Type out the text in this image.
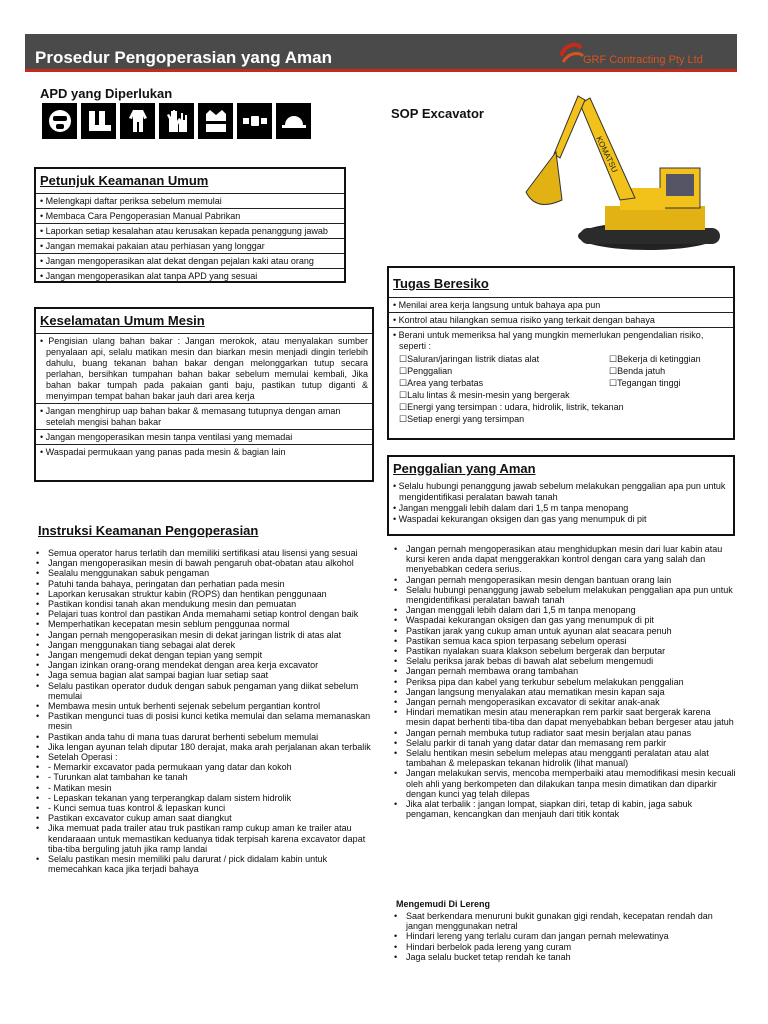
Prosedur Pengoperasian yang Aman	GRF Contracting Pty Ltd
APD yang Diperlukan
SOP Excavator
KOMATSU
Petunjuk Keamanan Umum
• Melengkapi daftar periksa sebelum memulai
• Membaca Cara Pengoperasian Manual Pabrikan
• Laporkan setiap kesalahan atau kerusakan kepada penanggung jawab
• Jangan memakai pakaian atau perhiasan yang longgar
• Jangan mengoperasikan alat dekat dengan pejalan kaki atau orang
• Jangan mengoperasikan alat tanpa APD yang sesuai
Keselamatan Umum Mesin
• Pengisian ulang bahan bakar : Jangan merokok, atau menyalakan sumber penyalaan api, selalu matikan mesin dan biarkan mesin menjadi dingin terlebih dahulu, buang tekanan bahan bakar dengan melonggarkan tutup secara perlahan, bersihkan tumpahan bahan bakar sebelum memulai kembali, Jika bahan bakar tumpah pada pakaian ganti baju, pastikan tutup diganti & menyimpan tempat bahan bakar jauh dari area kerja
• Jangan menghirup uap bahan bakar & memasang tutupnya dengan aman setelah mengisi bahan bakar
• Jangan mengoperasikan mesin tanpa ventilasi yang memadai
• Waspadai permukaan yang panas pada mesin & bagian lain
Tugas Beresiko
• Menilai area kerja langsung untuk bahaya apa pun
• Kontrol atau hilangkan semua risiko yang terkait dengan bahaya
• Berani untuk memeriksa hal yang mungkin memerlukan pengendalian risiko, seperti :
☐ Saluran/jaringan listrik diatas alat	☐ Bekerja di ketinggian
☐ Penggalian	☐ Benda jatuh
☐ Area yang terbatas	☐ Tegangan tinggi
☐ Lalu lintas & mesin-mesin yang bergerak
☐ Energi yang tersimpan : udara, hidrolik, listrik, tekanan
☐ Setiap energi yang tersimpan
Penggalian yang Aman
• Selalu hubungi penanggung jawab sebelum melakukan penggalian apa pun untuk mengidentifikasi peralatan bawah tanah
• Jangan menggali lebih dalam dari 1,5 m tanpa menopang
• Waspadai kekurangan oksigen dan gas yang menumpuk di pit
Instruksi Keamanan Pengoperasian
• Semua operator harus terlatih dan memiliki sertifikasi atau lisensi yang sesuai
• Jangan mengoperasikan mesin di bawah pengaruh obat-obatan atau alkohol
• Sealalu menggunakan sabuk pengaman
• Patuhi tanda bahaya, peringatan dan perhatian pada mesin
• Laporkan kerusakan struktur kabin (ROPS) dan hentikan penggunaan
• Pastikan kondisi tanah akan mendukung mesin dan pemuatan
• Pelajari tuas kontrol dan pastikan Anda memahami setiap kontrol dengan baik
• Memperhatikan kecepatan mesin seblum penggunaa normal
• Jangan pernah mengoperasikan mesin di dekat jaringan listrik di atas alat
• Jangan menggunakan tiang sebagai alat derek
• Jangan mengemudi dekat dengan tepian yang sempit
• Jangan izinkan orang-orang mendekat dengan area kerja excavator
• Jaga semua bagian alat sampai bagian luar setiap saat
• Selalu pastikan operator duduk dengan sabuk pengaman yang diikat sebelum memulai
• Membawa mesin untuk berhenti sejenak sebelum pergantian kontrol
• Pastikan mengunci tuas di posisi kunci ketika memulai dan selama memanaskan mesin
• Pastikan anda tahu di mana tuas darurat berhenti sebelum memulai
• Jika lengan ayunan telah diputar 180 derajat, maka arah perjalanan akan terbalik
• Setelah Operasi :
• - Memarkir excavator pada permukaan yang datar dan kokoh
• - Turunkan alat tambahan ke tanah
• - Matikan mesin
• - Lepaskan tekanan yang terperangkap dalam sistem hidrolik
• - Kunci semua tuas kontrol & lepaskan kunci
• Pastikan excavator cukup aman saat diangkut
• Jika memuat pada trailer atau truk pastikan ramp cukup aman ke trailer atau kendaraaan untuk memastikan keduanya tidak terpisah karena excavator dapat tiba-tiba berguling jatuh jika ramp landai
• Selalu pastikan mesin memiliki palu darurat / pick didalam kabin untuk memecahkan kaca jika terjadi bahaya
• Jangan pernah mengoperasikan atau menghidupkan mesin dari luar kabin atau kursi keren anda dapat menggerakkan kontrol dengan cara yang salah dan menyebabkan cedera serius.
• Jangan pernah mengoperasikan mesin dengan bantuan orang lain
• Selalu hubungi penanggung jawab sebelum melakukan penggalian apa pun untuk mengidentifikasi peralatan bawah tanah
• Jangan menggali lebih dalam dari 1,5 m tanpa menopang
• Waspadai kekurangan oksigen dan gas yang menumpuk di pit
• Pastikan jarak yang cukup aman untuk ayunan alat seacara penuh
• Pastikan semua kaca spion terpasang sebelum operasi
• Pastikan nyalakan suara klakson sebelum bergerak dan berputar
• Selalu periksa jarak bebas di bawah alat sebelum mengemudi
• Jangan pernah membawa orang tambahan
• Periksa pipa dan kabel yang terkubur sebelum melakukan penggalian
• Jangan langsung menyalakan atau mematikan mesin kapan saja
• Jangan pernah mengoperasikan excavator di sekitar anak-anak
• Hindari mematikan mesin atau menerapkan rem parkir saat bergerak karena mesin dapat berhenti tiba-tiba dan dapat menyebabkan beban bergeser atau jatuh
• Jangan pernah membuka tutup radiator saat mesin berjalan atau panas
• Selalu parkir di tanah yang datar datar dan memasang rem parkir
• Selalu hentikan mesin sebelum melepas atau mengganti peralatan atau alat tambahan & melepaskan tekanan hidrolik (lihat manual)
• Jangan melakukan servis, mencoba memperbaiki atau memodifikasi mesin kecuali oleh ahli yang berkompeten dan dilakukan tanpa mesin dimatikan dan diparkir dengan kunci yag telah dilepas
• Jika alat terbalik : jangan lompat, siapkan diri, tetap di kabin, jaga sabuk pengaman, kencangkan dan menjauh dari titik kontak
Mengemudi Di Lereng
• Saat berkendara menuruni bukit gunakan gigi rendah, kecepatan rendah dan jangan menggunakan netral
• Hindari lereng yang terlalu curam dan jangan pernah melewatinya
• Hindari berbelok pada lereng yang curam
• Jaga selalu bucket tetap rendah ke tanah
